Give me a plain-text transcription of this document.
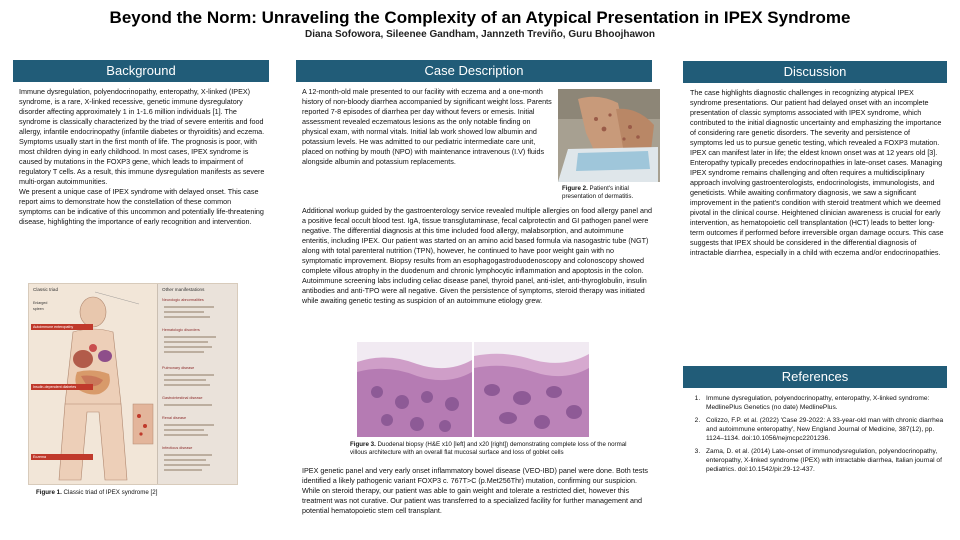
Beyond the Norm: Unraveling the Complexity of an Atypical Presentation in IPEX Syndrome
Diana Sofowora, Sileenee Gandham, Jannzeth Treviño, Guru Bhoojhawon
Background

Immune dysregulation, polyendocrinopathy, enteropathy, X-linked (IPEX) syndrome, is a rare, X-linked recessive, genetic immune dysregulatory disorder affecting approximately 1 in 1-1.6 million individuals [1]. The syndrome is classically characterized by the triad of severe enteritis and food allergy, infantile endocrinopathy (infantile diabetes or thyroiditis) and eczema. Symptoms usually start in the first month of life. The prognosis is poor, with most children dying in early childhood. In most cases, IPEX syndrome is caused by mutations in the FOXP3 gene, which leads to impairment of regulatory T cells. As a result, this immune dysregulation manifests as severe multi-organ autoimmunities.

We present a unique case of IPEX syndrome with delayed onset. This case report aims to demonstrate how the constellation of these common symptoms can be indicative of this uncommon and potentially life-threatening disease, highlighting the importance of early recognition and intervention.

Classic triad
Enlarged spleen
Autoimmune enteropathy
Insulin-dependent diabetes
Eczema
Other manifestations
Neurologic abnormalities
Hematologic disorders
Pulmonary disease
Gastrointestinal disease
Renal disease
Infectious disease
Figure 1. Classic triad of IPEX syndrome [2]
Case Description
A 12-month-old male presented to our facility with eczema and a one-month history of non-bloody diarrhea accompanied by significant weight loss. Parents reported 7-8 episodes of diarrhea per day without fevers or emesis. Initial assessment revealed eczematous lesions as the only notable finding on physical exam, with normal vitals. Initial lab work showed low albumin and potassium levels. He was admitted to our pediatric intermediate care unit, placed on nothing by mouth (NPO) with maintenance intravenous (I.V) fluids alongside albumin and potassium replacements.
Figure 2. Patient's initial presentation of dermatitis.
Additional workup guided by the gastroenterology service revealed multiple allergies on food allergy panel and a positive fecal occult blood test. IgA, tissue transglutaminase, fecal calprotectin and GI pathogen panel were negative. The differential diagnosis at this time included food allergy, malabsorption, and autoimmune enteritis, including IPEX. Our patient was started on an amino acid based formula via nasogastric tube (NGT) along with total parenteral nutrition (TPN), however, he continued to have poor weight gain with no symptomatic improvement. Biopsy results from an esophagogastroduodenoscopy and colonoscopy showed complete villous atrophy in the duodenum and chronic lymphocytic inflammation and apoptosis in the colon. Autoimmune screening labs including celiac disease panel, thyroid panel, anti-islet, anti-thyroglobulin, insulin antibodies and anti-TPO were all negative. Given the persistence of symptoms, steroid therapy was initiated while awaiting genetic testing as suspicion of an autoimmune etiology grew.
Figure 3. Duodenal biopsy (H&E x10 [left] and x20 [right]) demonstrating complete loss of the normal villous architecture with an overall flat mucosal surface and loss of goblet cells
IPEX genetic panel and very early onset inflammatory bowel disease (VEO-IBD) panel were done. Both tests identified a likely pathogenic variant FOXP3 c. 767T>C (p.Met256Thr) mutation, confirming our suspicion. While on steroid therapy, our patient was able to gain weight and tolerate a restricted diet, however this treatment was not curative. Our patient was transferred to a specialized facility for further management and potential hematopoietic stem cell transplant.
Discussion
The case highlights diagnostic challenges in recognizing atypical IPEX syndrome presentations. Our patient had delayed onset with an incomplete presentation of classic symptoms associated with IPEX syndrome, which contributed to the initial diagnostic uncertainty and emphasizing the importance of considering rare genetic disorders. The severity and persistence of symptoms led us to pursue genetic testing, which revealed a FOXP3 mutation. IPEX can manifest later in life; the eldest known onset was at 12 years old [3]. Enteropathy typically precedes endocrinopathies in late-onset cases. Managing IPEX syndrome remains challenging and often requires a multidisciplinary approach involving gastroenterologists, endocrinologists, immunologists, and geneticists. While awaiting confirmatory diagnosis, we saw a significant improvement in the patient's condition with steroid treatment which we deemed pivotal in the clinical course. Heightened clinician awareness is crucial for early intervention, as hematopoietic cell transplantation (HCT) leads to better long-term outcomes if performed before irreversible organ damage occurs. This case suggests that IPEX should be considered in the differential diagnosis of intractable diarrhea, especially in a child with eczema and/or endocrinopathies.
References
1. Immune dysregulation, polyendocrinopathy, enteropathy, X-linked syndrome: MedlinePlus Genetics (no date) MedlinePlus.
2. Colizzo, F.P. et al. (2022) 'Case 29-2022: A 33-year-old man with chronic diarrhea and autoimmune enteropathy', New England Journal of Medicine, 387(12), pp. 1124–1134. doi:10.1056/nejmcpc2201236.
3. Zama, D. et al. (2014) Late-onset of immunodysregulation, polyendocrinopathy, enteropathy, X-linked syndrome (IPEX) with intractable diarrhea, Italian journal of pediatrics. doi:10.1542/pir.29-12-437.
